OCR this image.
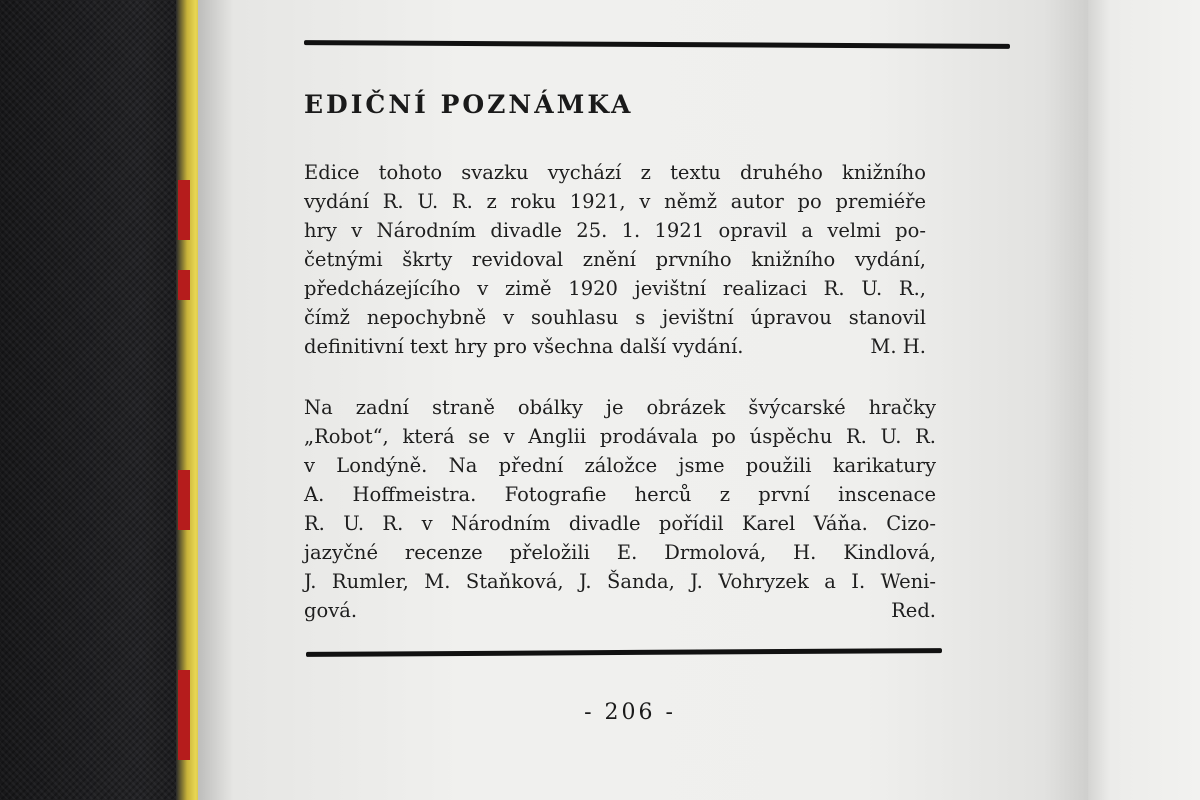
EDIČNÍ POZNÁMKA
Edice tohoto svazku vychází z textu druhého knižního
vydání R. U. R. z roku 1921, v němž autor po premiéře
hry v Národním divadle 25. 1. 1921 opravil a velmi po-
četnými škrty revidoval znění prvního knižního vydání,
předcházejícího v zimě 1920 jevištní realizaci R. U. R.,
čímž nepochybně v souhlasu s jevištní úpravou stanovil
definitivní text hry pro všechna další vydání.	M. H.
Na zadní straně obálky je obrázek švýcarské hračky
„Robot“, která se v Anglii prodávala po úspěchu R. U. R.
v Londýně. Na přední záložce jsme použili karikatury
A. Hoffmeistra. Fotografie herců z první inscenace
R. U. R. v Národním divadle pořídil Karel Váňa. Cizo-
jazyčné recenze přeložili E. Drmolová, H. Kindlová,
J. Rumler, M. Staňková, J. Šanda, J. Vohryzek a I. Weni-
gová.	Red.
- 206 -
